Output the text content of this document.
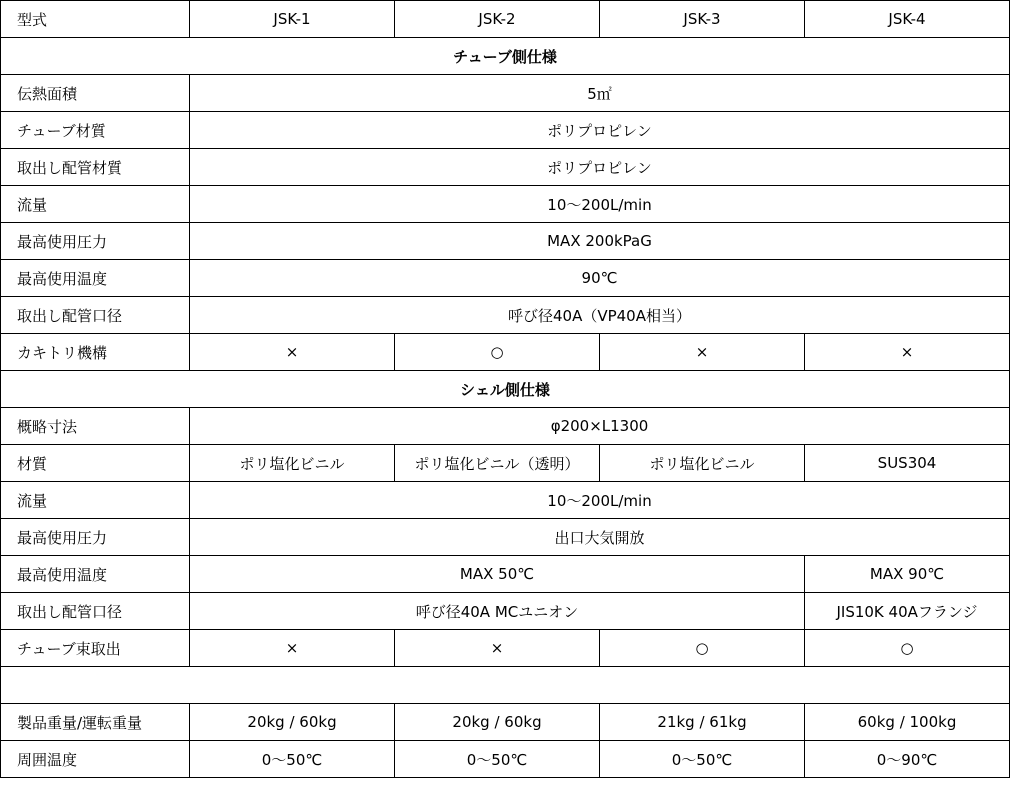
型式	JSK-1	JSK-2	JSK-3	JSK-4
チューブ側仕様				
伝熱面積	5㎡			
チューブ材質	ポリプロピレン			
取出し配管材質	ポリプロピレン			
流量	10～200L/min			
最高使用圧力	MAX 200kPaG			
最高使用温度	90℃			
取出し配管口径	呼び径40A（VP40A相当）			
カキトリ機構	×	○	×	×
シェル側仕様				
概略寸法	φ200×L1300			
材質	ポリ塩化ビニル	ポリ塩化ビニル（透明）	ポリ塩化ビニル	SUS304
流量	10～200L/min			
最高使用圧力	出口大気開放			
最高使用温度	MAX 50℃			MAX 90℃
取出し配管口径	呼び径40A MCユニオン			JIS10K 40Aフランジ
チューブ束取出	×	×	○	○

製品重量/運転重量	20kg / 60kg	20kg / 60kg	21kg / 61kg	60kg / 100kg
周囲温度	0～50℃	0～50℃	0～50℃	0～90℃
